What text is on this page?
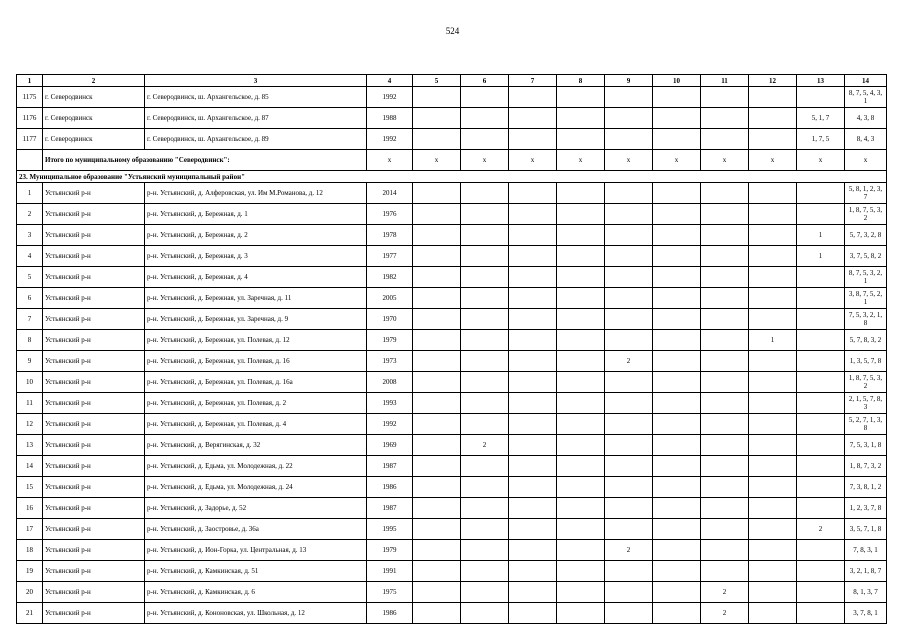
524
1	2	3	4	5	6	7	8	9	10	11	12	13	14
1175	г. Северодвинск	г. Северодвинск, ш. Архангельское, д. 85	1992										8, 7, 5, 4, 3, 1
1176	г. Северодвинск	г. Северодвинск, ш. Архангельское, д. 87	1988									5, 1, 7	4, 3, 8
1177	г. Северодвинск	г. Северодвинск, ш. Архангельское, д. 89	1992									1, 7, 5	8, 4, 3
	Итого по муниципальному образованию "Северодвинск":		х	х	х	х	х	х	х	х	х	х	х
23. Муниципальное образование "Устьянский муниципальный район"													
1	Устьянский р-н	р-н. Устьянский, д. Алферовская, ул. Им М.Романова, д. 12	2014										5, 8, 1, 2, 3, 7
2	Устьянский р-н	р-н. Устьянский, д. Бережная, д. 1	1976										1, 8, 7, 5, 3, 2
3	Устьянский р-н	р-н. Устьянский, д. Бережная, д. 2	1978									1	5, 7, 3, 2, 8
4	Устьянский р-н	р-н. Устьянский, д. Бережная, д. 3	1977									1	3, 7, 5, 8, 2
5	Устьянский р-н	р-н. Устьянский, д. Бережная, д. 4	1982										8, 7, 5, 3, 2, 1
6	Устьянский р-н	р-н. Устьянский, д. Бережная, ул. Заречная, д. 11	2005										3, 8, 7, 5, 2, 1
7	Устьянский р-н	р-н. Устьянский, д. Бережная, ул. Заречная, д. 9	1970										7, 5, 3, 2, 1, 8
8	Устьянский р-н	р-н. Устьянский, д. Бережная, ул. Полевая, д. 12	1979								1		5, 7, 8, 3, 2
9	Устьянский р-н	р-н. Устьянский, д. Бережная, ул. Полевая, д. 16	1973					2					1, 3, 5, 7, 8
10	Устьянский р-н	р-н. Устьянский, д. Бережная, ул. Полевая, д. 16а	2008										1, 8, 7, 5, 3, 2
11	Устьянский р-н	р-н. Устьянский, д. Бережная, ул. Полевая, д. 2	1993										2, 1, 5, 7, 8, 3
12	Устьянский р-н	р-н. Устьянский, д. Бережная, ул. Полевая, д. 4	1992										5, 2, 7, 1, 3, 8
13	Устьянский р-н	р-н. Устьянский, д. Верягинская, д. 32	1969		2								7, 5, 3, 1, 8
14	Устьянский р-н	р-н. Устьянский, д. Едьма, ул. Молодежная, д. 22	1987										1, 8, 7, 3, 2
15	Устьянский р-н	р-н. Устьянский, д. Едьма, ул. Молодежная, д. 24	1986										7, 3, 8, 1, 2
16	Устьянский р-н	р-н. Устьянский, д. Задорье, д. 52	1987										1, 2, 3, 7, 8
17	Устьянский р-н	р-н. Устьянский, д. Заостровье, д. 36а	1995									2	3, 5, 7, 1, 8
18	Устьянский р-н	р-н. Устьянский, д. Ион-Горка, ул. Центральная, д. 13	1979					2					7, 8, 3, 1
19	Устьянский р-н	р-н. Устьянский, д. Камкинская, д. 51	1991										3, 2, 1, 8, 7
20	Устьянский р-н	р-н. Устьянский, д. Камкинская, д. 6	1975							2			8, 1, 3, 7
21	Устьянский р-н	р-н. Устьянский, д. Кононовская, ул. Школьная, д. 12	1986							2			3, 7, 8, 1
